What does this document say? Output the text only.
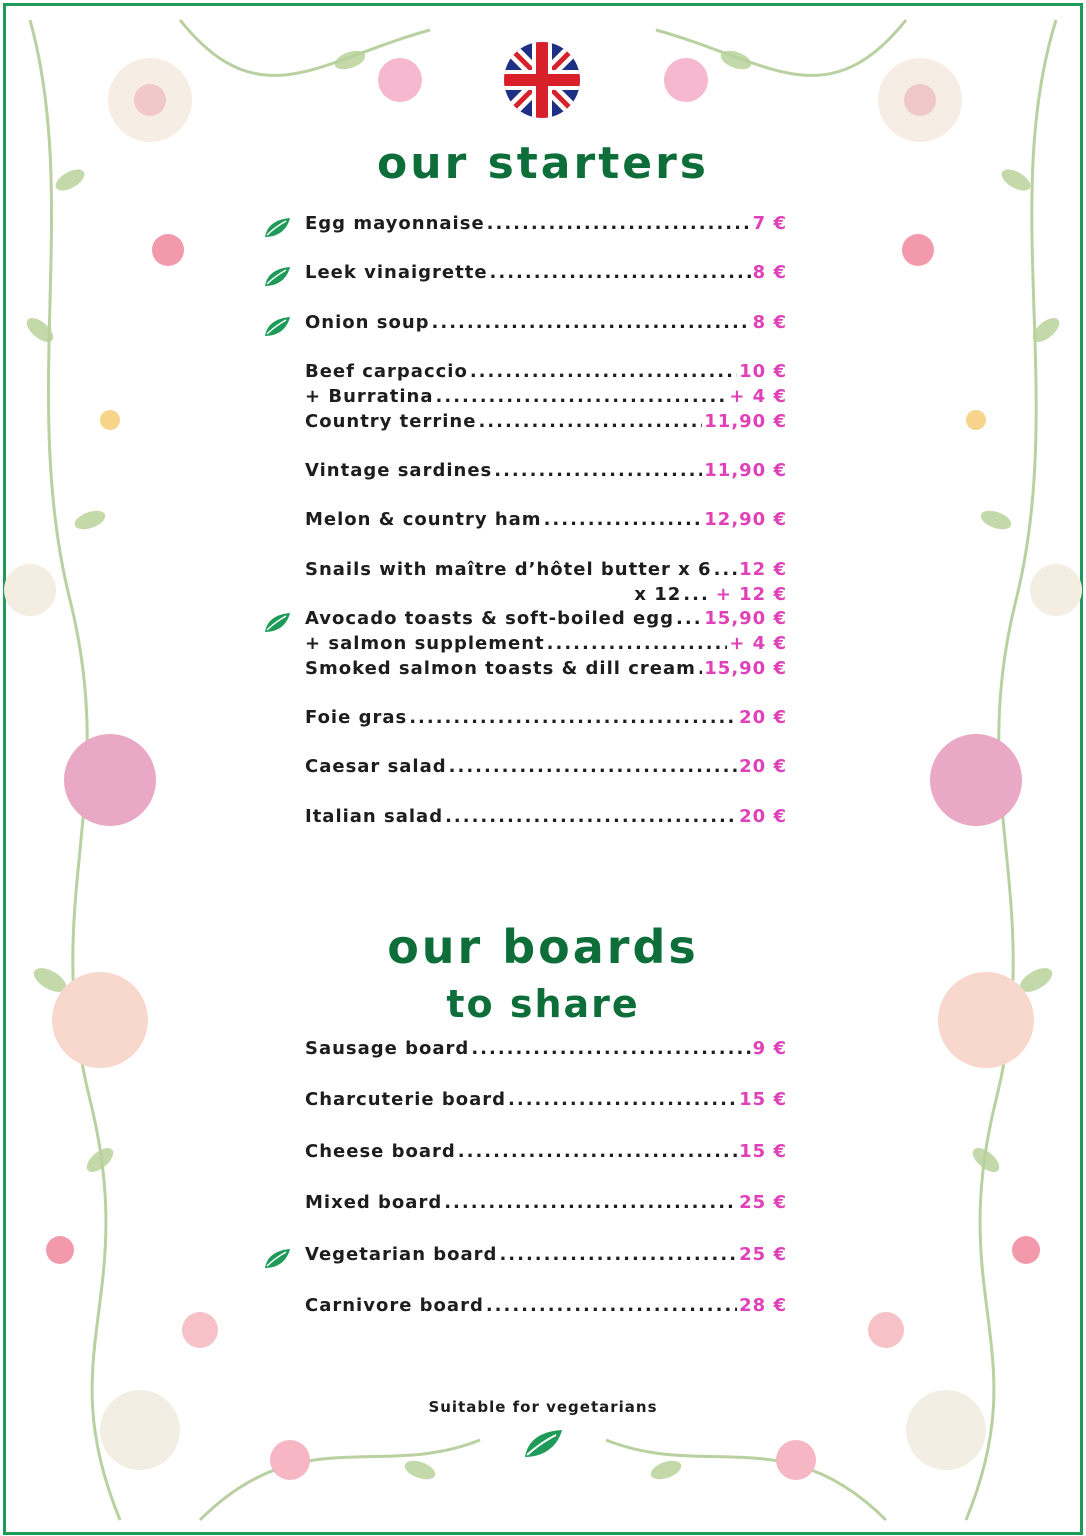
our starters
Egg mayonnaise .....	7 €
Leek vinaigrette .....	8 €
Onion soup .....	8 €
Beef carpaccio .....	10 €
+ Burratina .....	+ 4 €
Country terrine .....	11,90 €
Vintage sardines .....	11,90 €
Melon & country ham .....	12,90 €
Snails with maître d’hôtel butter x 6 ..... 12 €
x 12 ... + 12 €
Avocado toasts & soft-boiled egg ..... 15,90 €
+ salmon supplement .....	+ 4 €
Smoked salmon toasts & dill cream ..... 15,90 €
Foie gras .....	20 €
Caesar salad .....	20 €
Italian salad .....	20 €
our boards
to share
Sausage board .....	9 €
Charcuterie board .....	15 €
Cheese board .....	15 €
Mixed board .....	25 €
Vegetarian board .....	25 €
Carnivore board .....	28 €
Suitable for vegetarians
